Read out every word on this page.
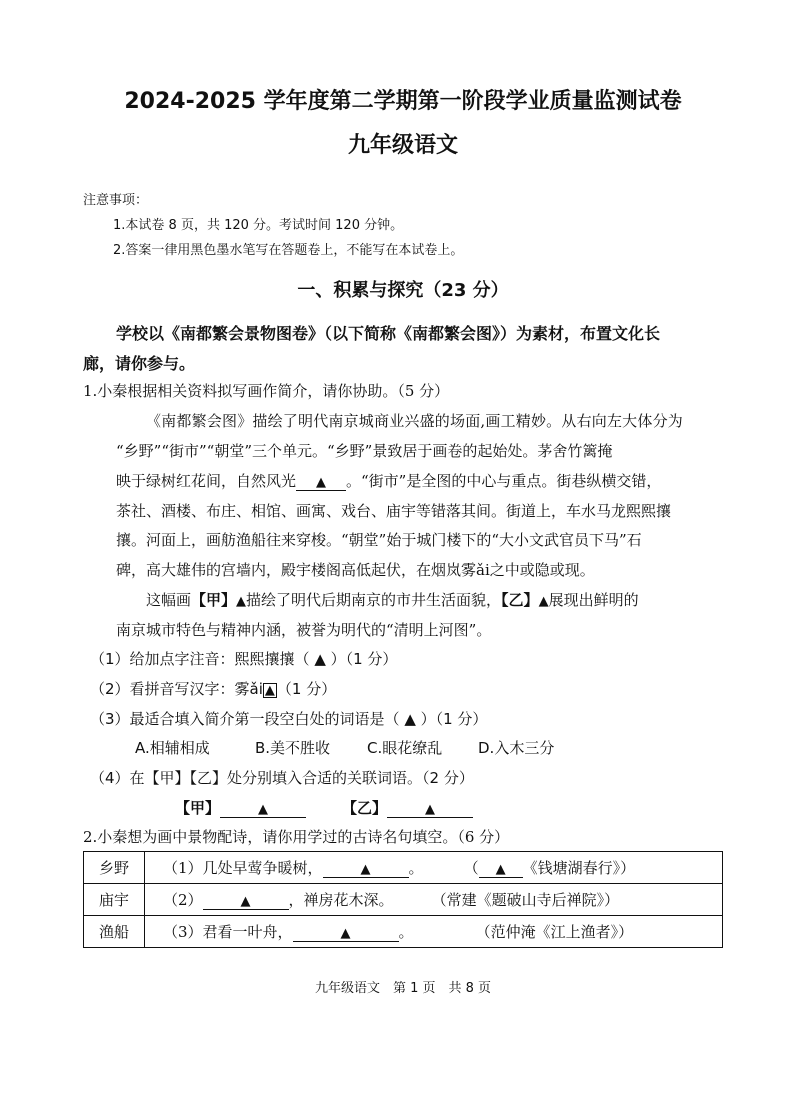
2024-2025 学年度第二学期第一阶段学业质量监测试卷
九年级语文
注意事项：
1.本试卷 8 页，共 120 分。考试时间 120 分钟。
2.答案一律用黑色墨水笔写在答题卷上，不能写在本试卷上。
一、积累与探究（23 分）
学校以《南都繁会景物图卷》（以下简称《南都繁会图》）为素材，布置文化长
廊，请你参与。
1.小秦根据相关资料拟写画作简介，请你协助。（5 分）
《南都繁会图》描绘了明代南京城商业兴盛的场面,画工精妙。从右向左大体分为
“乡野”“街市”“朝堂”三个单元。“乡野”景致居于画卷的起始处。茅舍竹篱掩
映于绿树红花间，自然风光 ▲ 。“街市”是全图的中心与重点。街巷纵横交错，
茶社、酒楼、布庄、相馆、画寓、戏台、庙宇等错落其间。街道上，车水马龙熙熙攘
攘。河面上，画舫渔船往来穿梭。“朝堂”始于城门楼下的“大小文武官员下马”石
碑，高大雄伟的宫墙内，殿宇楼阁高低起伏，在烟岚雾ǎi之中或隐或现。
这幅画【甲】▲描绘了明代后期南京的市井生活面貌，【乙】▲展现出鲜明的
南京城市特色与精神内涵，被誉为明代的“清明上河图”。
（1）给加点字注音：熙熙攘攘（ ▲ ）（1 分）
（2）看拼音写汉字：雾ǎi ▲ （1 分）
（3）最适合填入简介第一段空白处的词语是（ ▲ ）（1 分）
A.相辅相成	B.美不胜收 C.眼花缭乱 D.入木三分
（4）在【甲】【乙】处分别填入合适的关联词语。（2 分）
【甲】	▲	【乙】	▲
2.小秦想为画中景物配诗，请你用学过的古诗名句填空。（6 分）
乡野	（1）几处早莺争暖树， ▲ 。 （ ▲ 《钱塘湖春行》）
庙宇	（2） ▲ ，禅房花木深。 （常建《题破山寺后禅院》）
渔船	（3）君看一叶舟， ▲ 。 （范仲淹《江上渔者》）
九年级语文　第 1 页　共 8 页
